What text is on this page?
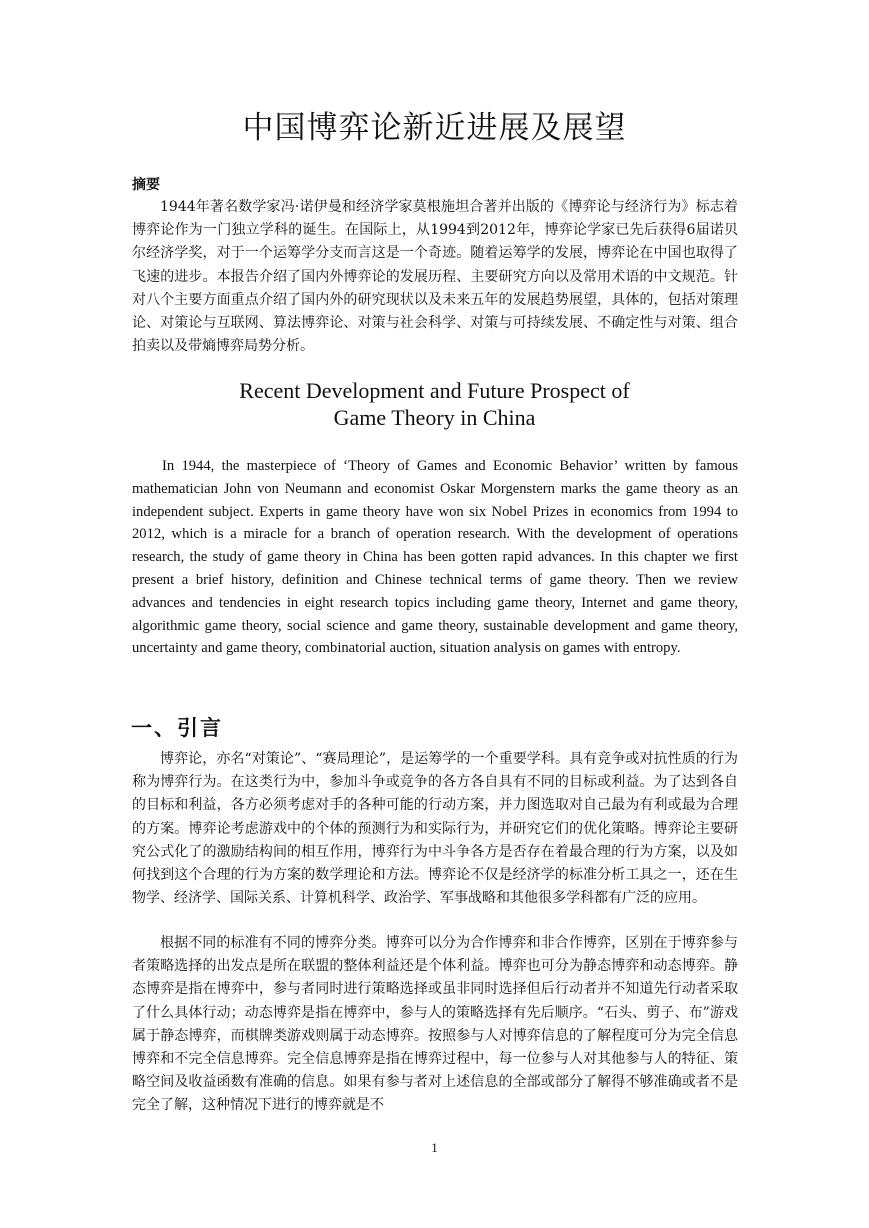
中国博弈论新近进展及展望
摘要

1944年著名数学家冯·诺伊曼和经济学家莫根施坦合著并出版的《博弈论与经济行为》标志着博弈论作为一门独立学科的诞生。在国际上，从1994到2012年，博弈论学家已先后获得6届诺贝尔经济学奖，对于一个运筹学分支而言这是一个奇迹。随着运筹学的发展，博弈论在中国也取得了飞速的进步。本报告介绍了国内外博弈论的发展历程、主要研究方向以及常用术语的中文规范。针对八个主要方面重点介绍了国内外的研究现状以及未来五年的发展趋势展望，具体的，包括对策理论、对策论与互联网、算法博弈论、对策与社会科学、对策与可持续发展、不确定性与对策、组合拍卖以及带熵博弈局势分析。

Recent Development and Future Prospect of
Game Theory in China

In 1944, the masterpiece of ‘Theory of Games and Economic Behavior’ written by famous mathematician John von Neumann and economist Oskar Morgenstern marks the game theory as an independent subject. Experts in game theory have won six Nobel Prizes in economics from 1994 to 2012, which is a miracle for a branch of operation research. With the development of operations research, the study of game theory in China has been gotten rapid advances. In this chapter we first present a brief history, definition and Chinese technical terms of game theory. Then we review advances and tendencies in eight research topics including game theory, Internet and game theory, algorithmic game theory, social science and game theory, sustainable development and game theory, uncertainty and game theory, combinatorial auction, situation analysis on games with entropy.

一、引言

博弈论，亦名“对策论”、“赛局理论”，是运筹学的一个重要学科。具有竞争或对抗性质的行为称为博弈行为。在这类行为中，参加斗争或竞争的各方各自具有不同的目标或利益。为了达到各自的目标和利益，各方必须考虑对手的各种可能的行动方案，并力图选取对自己最为有利或最为合理的方案。博弈论考虑游戏中的个体的预测行为和实际行为，并研究它们的优化策略。博弈论主要研究公式化了的激励结构间的相互作用，博弈行为中斗争各方是否存在着最合理的行为方案，以及如何找到这个合理的行为方案的数学理论和方法。博弈论不仅是经济学的标准分析工具之一，还在生物学、经济学、国际关系、计算机科学、政治学、军事战略和其他很多学科都有广泛的应用。

根据不同的标准有不同的博弈分类。博弈可以分为合作博弈和非合作博弈，区别在于博弈参与者策略选择的出发点是所在联盟的整体利益还是个体利益。博弈也可分为静态博弈和动态博弈。静态博弈是指在博弈中，参与者同时进行策略选择或虽非同时选择但后行动者并不知道先行动者采取了什么具体行动；动态博弈是指在博弈中，参与人的策略选择有先后顺序。“石头、剪子、布”游戏属于静态博弈，而棋牌类游戏则属于动态博弈。按照参与人对博弈信息的了解程度可分为完全信息博弈和不完全信息博弈。完全信息博弈是指在博弈过程中，每一位参与人对其他参与人的特征、策略空间及收益函数有准确的信息。如果有参与者对上述信息的全部或部分了解得不够准确或者不是完全了解，这种情况下进行的博弈就是不

1
